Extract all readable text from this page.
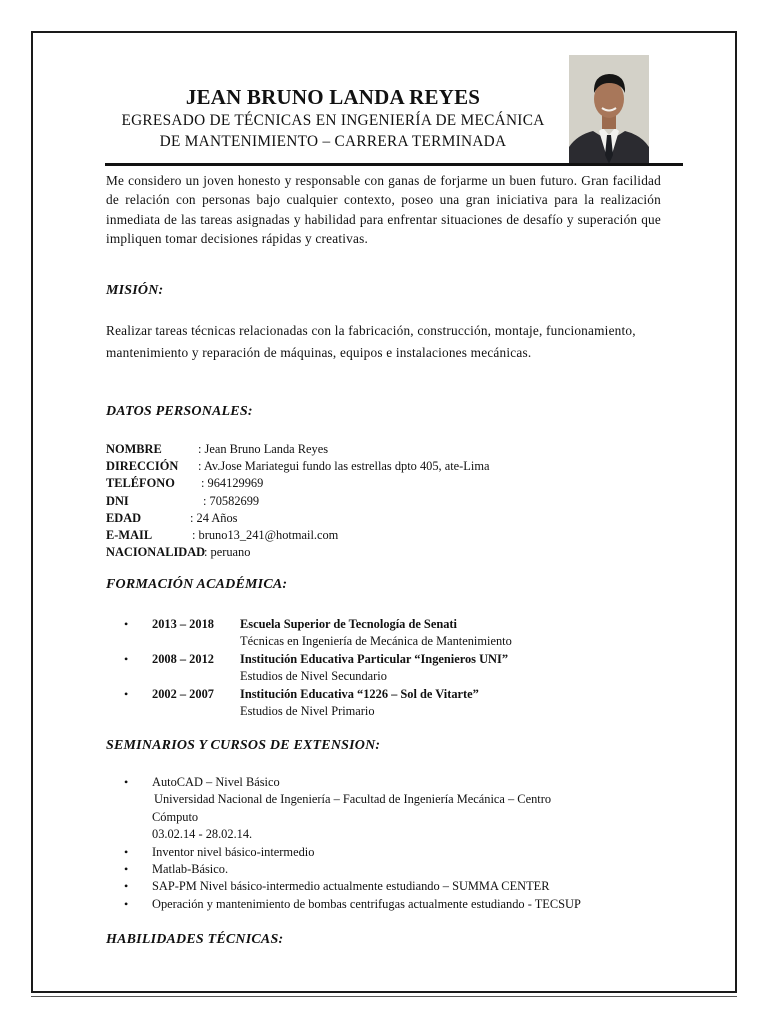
JEAN BRUNO LANDA REYES
EGRESADO DE TÉCNICAS EN INGENIERÍA DE MECÁNICA
DE MANTENIMIENTO – CARRERA TERMINADA
Me considero un joven honesto y responsable con ganas de forjarme un buen futuro. Gran facilidad de relación con personas bajo cualquier contexto, poseo una gran iniciativa para la realización inmediata de las tareas asignadas y habilidad para enfrentar situaciones de desafío y superación que impliquen tomar decisiones rápidas y creativas.
MISIÓN:
Realizar tareas técnicas relacionadas con la fabricación, construcción, montaje, funcionamiento, mantenimiento y reparación de máquinas, equipos e instalaciones mecánicas.
DATOS PERSONALES:
NOMBRE	: Jean Bruno Landa Reyes
DIRECCIÓN : Av.Jose Mariategui fundo las estrellas dpto 405, ate-Lima
TELÉFONO : 964129969
DNI	: 70582699
EDAD	: 24 Años
E-MAIL	: bruno13_241@hotmail.com
NACIONALIDAD
: peruano
FORMACIÓN ACADÉMICA:
• 2013 – 2018 Escuela Superior de Tecnología de Senati
Técnicas en Ingeniería de Mecánica de Mantenimiento
• 2008 – 2012 Institución Educativa Particular “Ingenieros UNI”
Estudios de Nivel Secundario
• 2002 – 2007 Institución Educativa “1226 – Sol de Vitarte”
Estudios de Nivel Primario
SEMINARIOS Y CURSOS DE EXTENSION:
• AutoCAD – Nivel Básico
Universidad Nacional de Ingeniería – Facultad de Ingeniería Mecánica – Centro
Cómputo
03.02.14 - 28.02.14.
• Inventor nivel básico-intermedio
• Matlab-Básico.
• SAP-PM Nivel básico-intermedio actualmente estudiando – SUMMA CENTER
• Operación y mantenimiento de bombas centrifugas actualmente estudiando - TECSUP
HABILIDADES TÉCNICAS:
